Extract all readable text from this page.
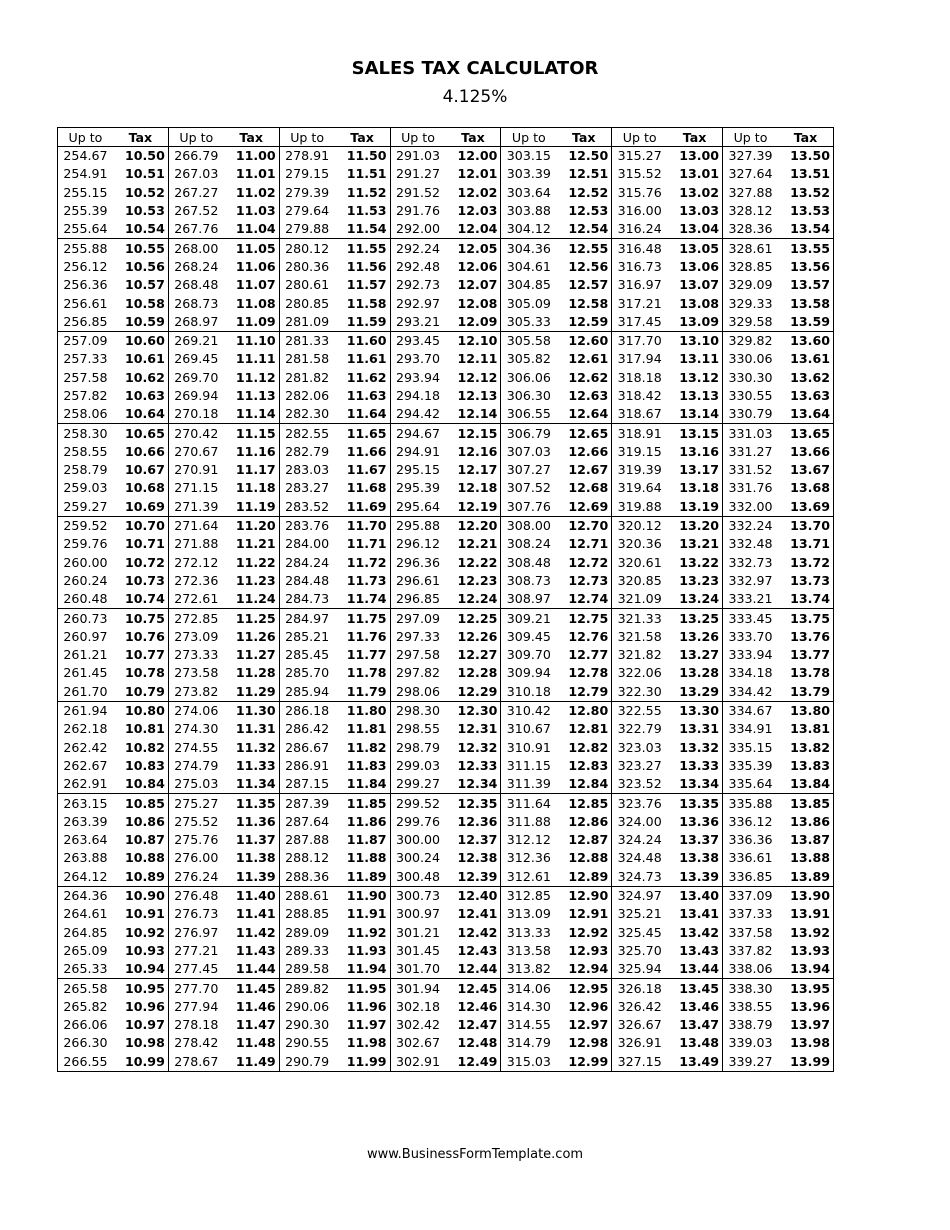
SALES TAX CALCULATOR
4.125%
Up to	Tax	Up to	Tax	Up to	Tax	Up to	Tax	Up to	Tax	Up to	Tax	Up to	Tax
254.67	10.50	266.79	11.00	278.91	11.50	291.03	12.00	303.15	12.50	315.27	13.00	327.39	13.50
254.91	10.51	267.03	11.01	279.15	11.51	291.27	12.01	303.39	12.51	315.52	13.01	327.64	13.51
255.15	10.52	267.27	11.02	279.39	11.52	291.52	12.02	303.64	12.52	315.76	13.02	327.88	13.52
255.39	10.53	267.52	11.03	279.64	11.53	291.76	12.03	303.88	12.53	316.00	13.03	328.12	13.53
255.64	10.54	267.76	11.04	279.88	11.54	292.00	12.04	304.12	12.54	316.24	13.04	328.36	13.54
255.88	10.55	268.00	11.05	280.12	11.55	292.24	12.05	304.36	12.55	316.48	13.05	328.61	13.55
256.12	10.56	268.24	11.06	280.36	11.56	292.48	12.06	304.61	12.56	316.73	13.06	328.85	13.56
256.36	10.57	268.48	11.07	280.61	11.57	292.73	12.07	304.85	12.57	316.97	13.07	329.09	13.57
256.61	10.58	268.73	11.08	280.85	11.58	292.97	12.08	305.09	12.58	317.21	13.08	329.33	13.58
256.85	10.59	268.97	11.09	281.09	11.59	293.21	12.09	305.33	12.59	317.45	13.09	329.58	13.59
257.09	10.60	269.21	11.10	281.33	11.60	293.45	12.10	305.58	12.60	317.70	13.10	329.82	13.60
257.33	10.61	269.45	11.11	281.58	11.61	293.70	12.11	305.82	12.61	317.94	13.11	330.06	13.61
257.58	10.62	269.70	11.12	281.82	11.62	293.94	12.12	306.06	12.62	318.18	13.12	330.30	13.62
257.82	10.63	269.94	11.13	282.06	11.63	294.18	12.13	306.30	12.63	318.42	13.13	330.55	13.63
258.06	10.64	270.18	11.14	282.30	11.64	294.42	12.14	306.55	12.64	318.67	13.14	330.79	13.64
258.30	10.65	270.42	11.15	282.55	11.65	294.67	12.15	306.79	12.65	318.91	13.15	331.03	13.65
258.55	10.66	270.67	11.16	282.79	11.66	294.91	12.16	307.03	12.66	319.15	13.16	331.27	13.66
258.79	10.67	270.91	11.17	283.03	11.67	295.15	12.17	307.27	12.67	319.39	13.17	331.52	13.67
259.03	10.68	271.15	11.18	283.27	11.68	295.39	12.18	307.52	12.68	319.64	13.18	331.76	13.68
259.27	10.69	271.39	11.19	283.52	11.69	295.64	12.19	307.76	12.69	319.88	13.19	332.00	13.69
259.52	10.70	271.64	11.20	283.76	11.70	295.88	12.20	308.00	12.70	320.12	13.20	332.24	13.70
259.76	10.71	271.88	11.21	284.00	11.71	296.12	12.21	308.24	12.71	320.36	13.21	332.48	13.71
260.00	10.72	272.12	11.22	284.24	11.72	296.36	12.22	308.48	12.72	320.61	13.22	332.73	13.72
260.24	10.73	272.36	11.23	284.48	11.73	296.61	12.23	308.73	12.73	320.85	13.23	332.97	13.73
260.48	10.74	272.61	11.24	284.73	11.74	296.85	12.24	308.97	12.74	321.09	13.24	333.21	13.74
260.73	10.75	272.85	11.25	284.97	11.75	297.09	12.25	309.21	12.75	321.33	13.25	333.45	13.75
260.97	10.76	273.09	11.26	285.21	11.76	297.33	12.26	309.45	12.76	321.58	13.26	333.70	13.76
261.21	10.77	273.33	11.27	285.45	11.77	297.58	12.27	309.70	12.77	321.82	13.27	333.94	13.77
261.45	10.78	273.58	11.28	285.70	11.78	297.82	12.28	309.94	12.78	322.06	13.28	334.18	13.78
261.70	10.79	273.82	11.29	285.94	11.79	298.06	12.29	310.18	12.79	322.30	13.29	334.42	13.79
261.94	10.80	274.06	11.30	286.18	11.80	298.30	12.30	310.42	12.80	322.55	13.30	334.67	13.80
262.18	10.81	274.30	11.31	286.42	11.81	298.55	12.31	310.67	12.81	322.79	13.31	334.91	13.81
262.42	10.82	274.55	11.32	286.67	11.82	298.79	12.32	310.91	12.82	323.03	13.32	335.15	13.82
262.67	10.83	274.79	11.33	286.91	11.83	299.03	12.33	311.15	12.83	323.27	13.33	335.39	13.83
262.91	10.84	275.03	11.34	287.15	11.84	299.27	12.34	311.39	12.84	323.52	13.34	335.64	13.84
263.15	10.85	275.27	11.35	287.39	11.85	299.52	12.35	311.64	12.85	323.76	13.35	335.88	13.85
263.39	10.86	275.52	11.36	287.64	11.86	299.76	12.36	311.88	12.86	324.00	13.36	336.12	13.86
263.64	10.87	275.76	11.37	287.88	11.87	300.00	12.37	312.12	12.87	324.24	13.37	336.36	13.87
263.88	10.88	276.00	11.38	288.12	11.88	300.24	12.38	312.36	12.88	324.48	13.38	336.61	13.88
264.12	10.89	276.24	11.39	288.36	11.89	300.48	12.39	312.61	12.89	324.73	13.39	336.85	13.89
264.36	10.90	276.48	11.40	288.61	11.90	300.73	12.40	312.85	12.90	324.97	13.40	337.09	13.90
264.61	10.91	276.73	11.41	288.85	11.91	300.97	12.41	313.09	12.91	325.21	13.41	337.33	13.91
264.85	10.92	276.97	11.42	289.09	11.92	301.21	12.42	313.33	12.92	325.45	13.42	337.58	13.92
265.09	10.93	277.21	11.43	289.33	11.93	301.45	12.43	313.58	12.93	325.70	13.43	337.82	13.93
265.33	10.94	277.45	11.44	289.58	11.94	301.70	12.44	313.82	12.94	325.94	13.44	338.06	13.94
265.58	10.95	277.70	11.45	289.82	11.95	301.94	12.45	314.06	12.95	326.18	13.45	338.30	13.95
265.82	10.96	277.94	11.46	290.06	11.96	302.18	12.46	314.30	12.96	326.42	13.46	338.55	13.96
266.06	10.97	278.18	11.47	290.30	11.97	302.42	12.47	314.55	12.97	326.67	13.47	338.79	13.97
266.30	10.98	278.42	11.48	290.55	11.98	302.67	12.48	314.79	12.98	326.91	13.48	339.03	13.98
266.55	10.99	278.67	11.49	290.79	11.99	302.91	12.49	315.03	12.99	327.15	13.49	339.27	13.99
www.BusinessFormTemplate.com
